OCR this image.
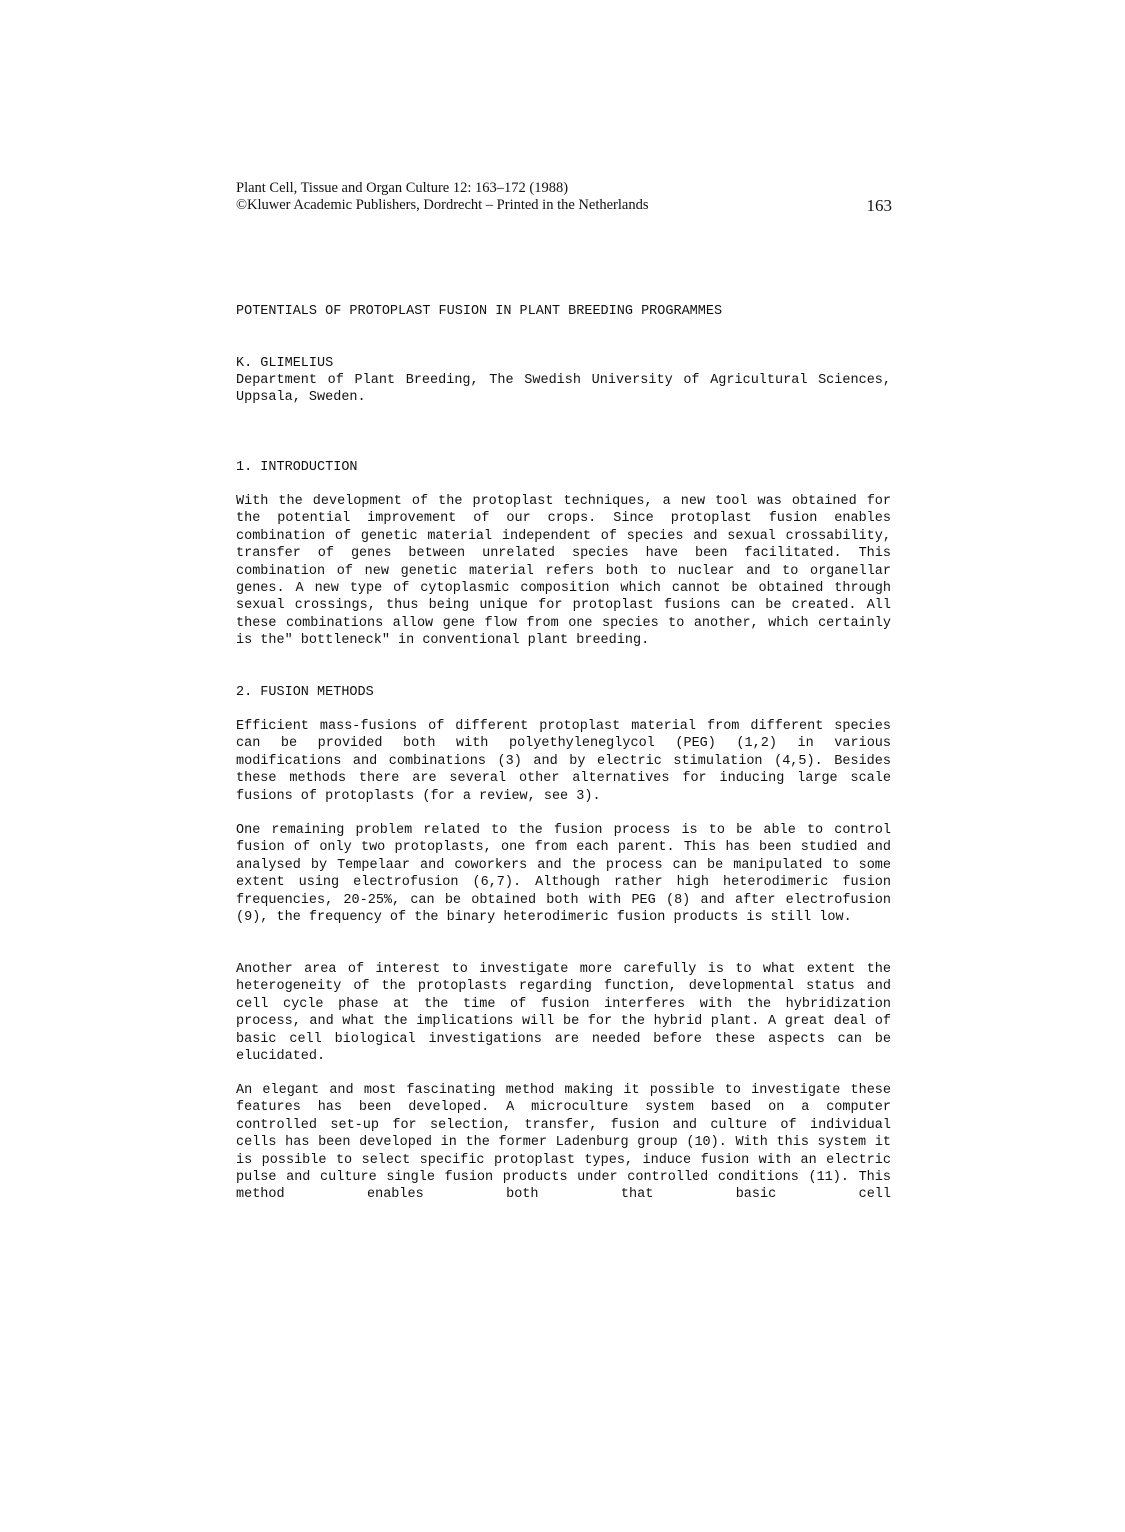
Plant Cell, Tissue and Organ Culture 12: 163–172 (1988)
©Kluwer Academic Publishers, Dordrecht – Printed in the Netherlands	163
POTENTIALS OF PROTOPLAST FUSION IN PLANT BREEDING PROGRAMMES
K. GLIMELIUS
Department of Plant Breeding, The Swedish University of Agricultural Sciences, Uppsala, Sweden.
1. INTRODUCTION

With the development of the protoplast techniques, a new tool was obtained for the potential improvement of our crops. Since protoplast fusion enables combination of genetic material independent of species and sexual crossability, transfer of genes between unrelated species have been facilitated. This combination of new genetic material refers both to nuclear and to organellar genes. A new type of cytoplasmic composition which cannot be obtained through sexual crossings, thus being unique for protoplast fusions can be created. All these combinations allow gene flow from one species to another, which certainly is the" bottleneck" in conventional plant breeding.

2. FUSION METHODS

Efficient mass-fusions of different protoplast material from different species can be provided both with polyethyleneglycol (PEG) (1,2) in various modifications and combinations (3) and by electric stimulation (4,5). Besides these methods there are several other alternatives for inducing large scale fusions of protoplasts (for a review, see 3).

One remaining problem related to the fusion process is to be able to control fusion of only two protoplasts, one from each parent. This has been studied and analysed by Tempelaar and coworkers and the process can be manipulated to some extent using electrofusion (6,7). Although rather high heterodimeric fusion frequencies, 20-25%, can be obtained both with PEG (8) and after electrofusion (9), the frequency of the binary heterodimeric fusion products is still low.

Another area of interest to investigate more carefully is to what extent the heterogeneity of the protoplasts regarding function, developmental status and cell cycle phase at the time of fusion interferes with the hybridization process, and what the implications will be for the hybrid plant. A great deal of basic cell biological investigations are needed before these aspects can be elucidated.

An elegant and most fascinating method making it possible to investigate these features has been developed. A microculture system based on a computer controlled set-up for selection, transfer, fusion and culture of individual cells has been developed in the former Ladenburg group (10). With this system it is possible to select specific protoplast types, induce fusion with an electric pulse and culture single fusion products under controlled conditions (11). This method enables both that basic cell
